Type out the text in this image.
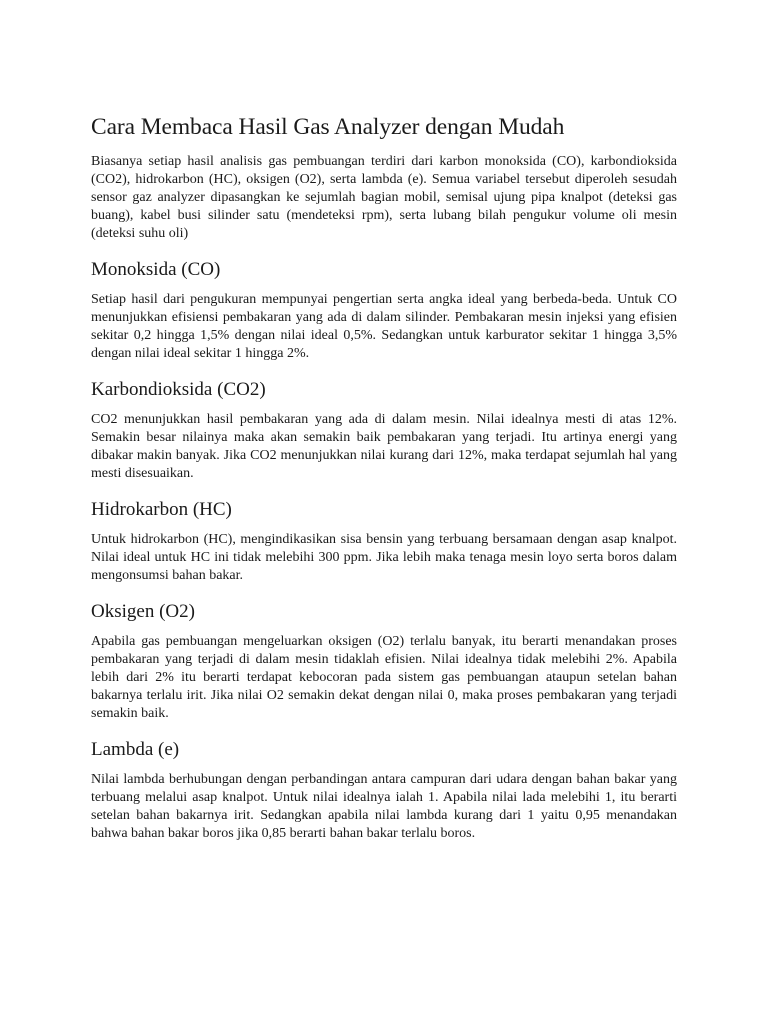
Cara Membaca Hasil Gas Analyzer dengan Mudah

Biasanya setiap hasil analisis gas pembuangan terdiri dari karbon monoksida (CO), karbondioksida (CO2), hidrokarbon (HC), oksigen (O2), serta lambda (e). Semua variabel tersebut diperoleh sesudah sensor gaz analyzer dipasangkan ke sejumlah bagian mobil, semisal ujung pipa knalpot (deteksi gas buang), kabel busi silinder satu (mendeteksi rpm), serta lubang bilah pengukur volume oli mesin (deteksi suhu oli)

Monoksida (CO)

Setiap hasil dari pengukuran mempunyai pengertian serta angka ideal yang berbeda-beda. Untuk CO menunjukkan efisiensi pembakaran yang ada di dalam silinder. Pembakaran mesin injeksi yang efisien sekitar 0,2 hingga 1,5% dengan nilai ideal 0,5%. Sedangkan untuk karburator sekitar 1 hingga 3,5% dengan nilai ideal sekitar 1 hingga 2%.

Karbondioksida (CO2)

CO2 menunjukkan hasil pembakaran yang ada di dalam mesin. Nilai idealnya mesti di atas 12%. Semakin besar nilainya maka akan semakin baik pembakaran yang terjadi. Itu artinya energi yang dibakar makin banyak. Jika CO2 menunjukkan nilai kurang dari 12%, maka terdapat sejumlah hal yang mesti disesuaikan.

Hidrokarbon (HC)

Untuk hidrokarbon (HC), mengindikasikan sisa bensin yang terbuang bersamaan dengan asap knalpot. Nilai ideal untuk HC ini tidak melebihi 300 ppm. Jika lebih maka tenaga mesin loyo serta boros dalam mengonsumsi bahan bakar.

Oksigen (O2)

Apabila gas pembuangan mengeluarkan oksigen (O2) terlalu banyak, itu berarti menandakan proses pembakaran yang terjadi di dalam mesin tidaklah efisien. Nilai idealnya tidak melebihi 2%. Apabila lebih dari 2% itu berarti terdapat kebocoran pada sistem gas pembuangan ataupun setelan bahan bakarnya terlalu irit. Jika nilai O2 semakin dekat dengan nilai 0, maka proses pembakaran yang terjadi semakin baik.

Lambda (e)

Nilai lambda berhubungan dengan perbandingan antara campuran dari udara dengan bahan bakar yang terbuang melalui asap knalpot. Untuk nilai idealnya ialah 1. Apabila nilai lada melebihi 1, itu berarti setelan bahan bakarnya irit. Sedangkan apabila nilai lambda kurang dari 1 yaitu 0,95 menandakan bahwa bahan bakar boros jika 0,85 berarti bahan bakar terlalu boros.
